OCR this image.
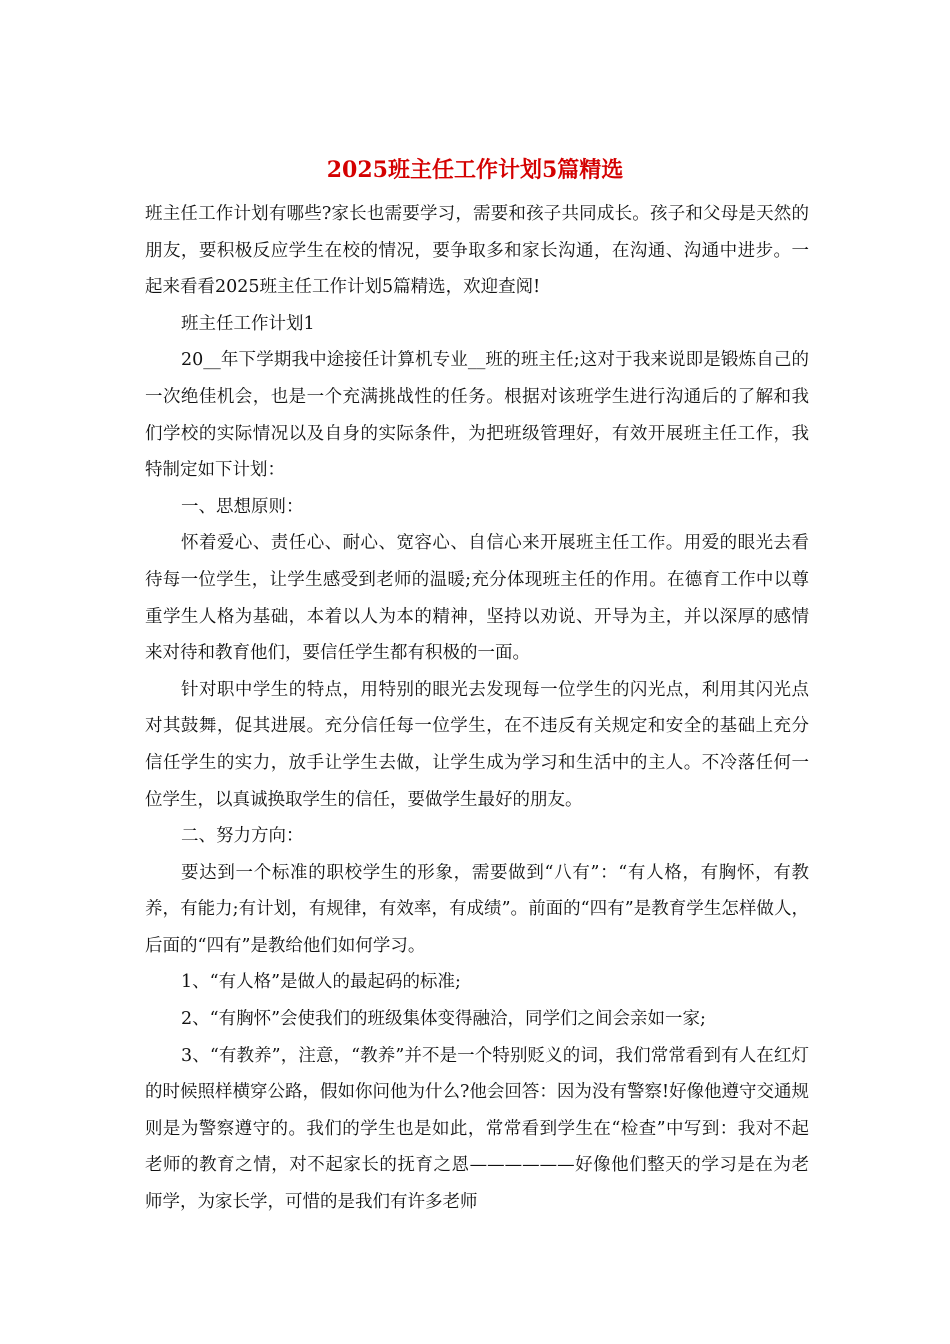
2025班主任工作计划5篇精选

班主任工作计划有哪些?家长也需要学习，需要和孩子共同成长。孩子和父母是天然的朋友，要积极反应学生在校的情况，要争取多和家长沟通，在沟通、沟通中进步。一起来看看2025班主任工作计划5篇精选，欢迎查阅!

班主任工作计划1

20__年下学期我中途接任计算机专业__班的班主任;这对于我来说即是锻炼自己的一次绝佳机会，也是一个充满挑战性的任务。根据对该班学生进行沟通后的了解和我们学校的实际情况以及自身的实际条件，为把班级管理好，有效开展班主任工作，我特制定如下计划：

一、思想原则：

怀着爱心、责任心、耐心、宽容心、自信心来开展班主任工作。用爱的眼光去看待每一位学生，让学生感受到老师的温暖;充分体现班主任的作用。在德育工作中以尊重学生人格为基础，本着以人为本的精神，坚持以劝说、开导为主，并以深厚的感情来对待和教育他们，要信任学生都有积极的一面。

针对职中学生的特点，用特别的眼光去发现每一位学生的闪光点，利用其闪光点对其鼓舞，促其进展。充分信任每一位学生，在不违反有关规定和安全的基础上充分信任学生的实力，放手让学生去做，让学生成为学习和生活中的主人。不冷落任何一位学生，以真诚换取学生的信任，要做学生最好的朋友。

二、努力方向：

要达到一个标准的职校学生的形象，需要做到“八有”：“有人格，有胸怀，有教养，有能力;有计划，有规律，有效率，有成绩”。前面的“四有”是教育学生怎样做人，后面的“四有”是教给他们如何学习。

1、“有人格”是做人的最起码的标准;

2、“有胸怀”会使我们的班级集体变得融洽，同学们之间会亲如一家;

3、“有教养”，注意，“教养”并不是一个特别贬义的词，我们常常看到有人在红灯的时候照样横穿公路，假如你问他为什么?他会回答：因为没有警察!好像他遵守交通规则是为警察遵守的。我们的学生也是如此，常常看到学生在“检查”中写到：我对不起老师的教育之情，对不起家长的抚育之恩——————好像他们整天的学习是在为老师学，为家长学，可惜的是我们有许多老师
